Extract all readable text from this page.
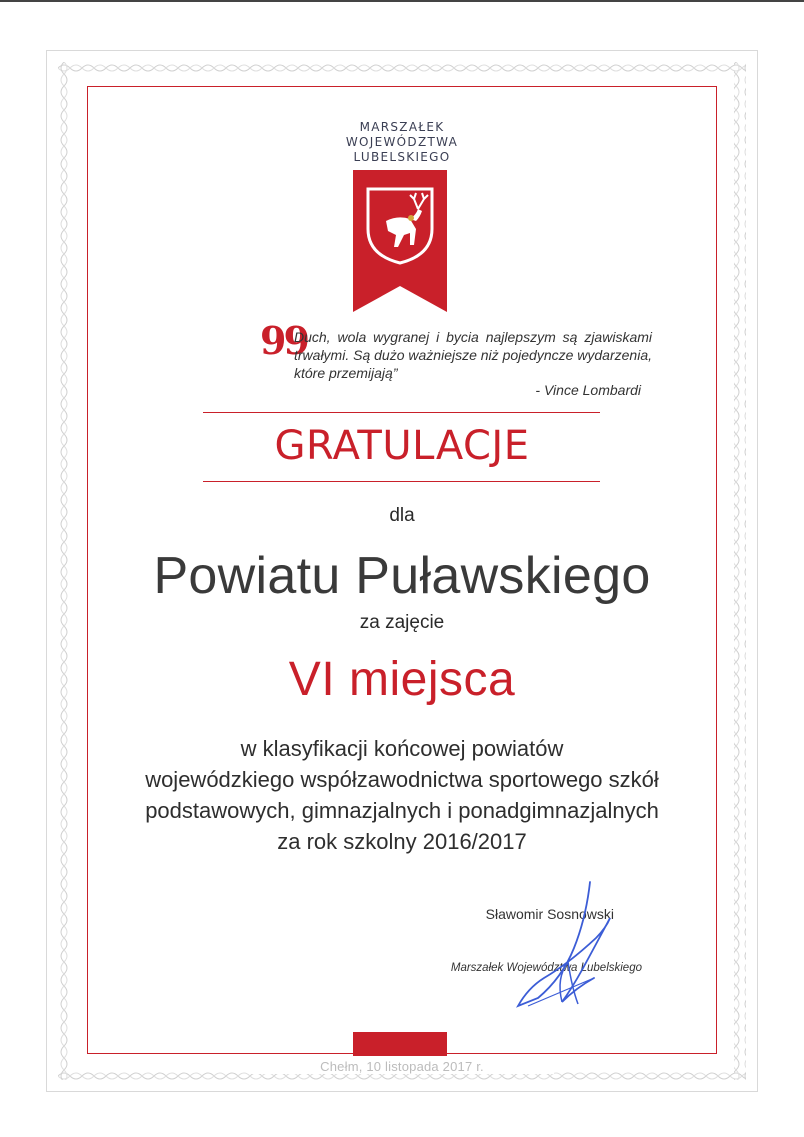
MARSZAŁEK
WOJEWÓDZTWA
LUBELSKIEGO
99
Duch, wola wygranej i bycia najlepszym są zjawiskami trwałymi. Są dużo ważniejsze niż pojedyncze wydarzenia, które przemijają”
- Vince Lombardi
GRATULACJE
dla
Powiatu Puławskiego
za zajęcie
VI miejsca
w klasyfikacji końcowej powiatów
wojewódzkiego współzawodnictwa sportowego szkół
podstawowych, gimnazjalnych i ponadgimnazjalnych
za rok szkolny 2016/2017
Sławomir Sosnowski
Marszałek Województwa Lubelskiego
Chełm, 10 listopada 2017 r.
